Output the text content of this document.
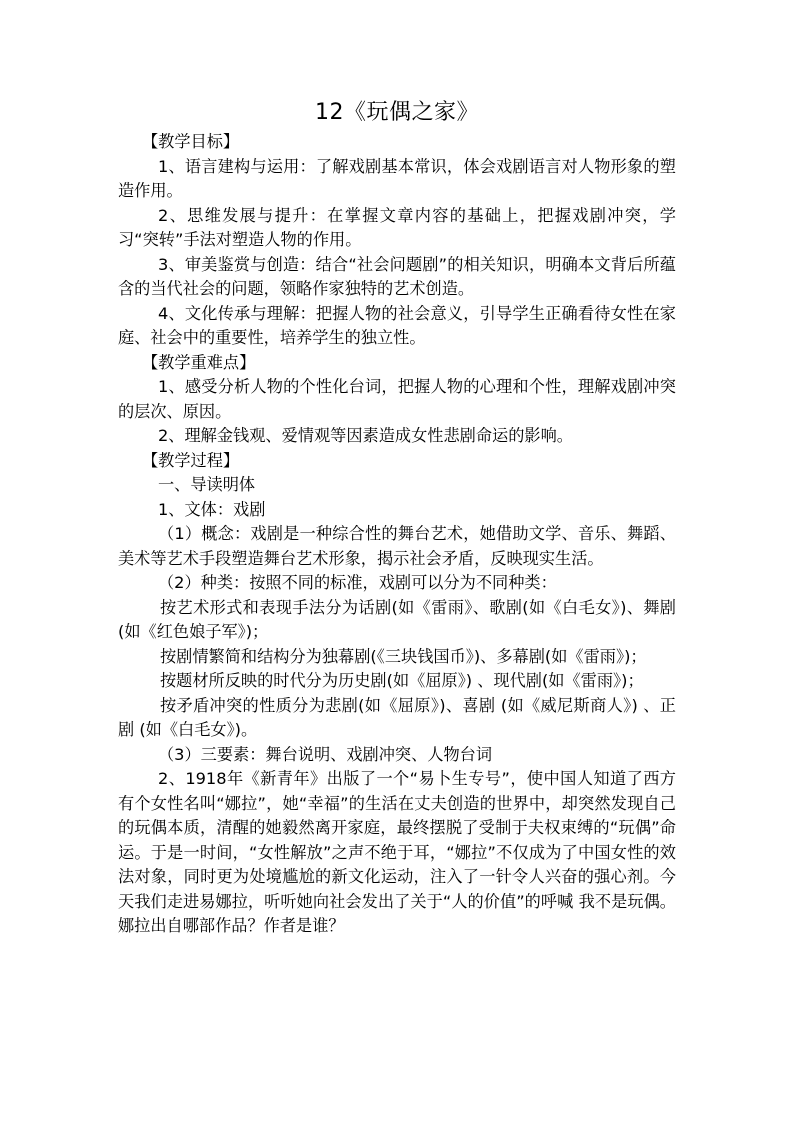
12《玩偶之家》

【教学目标】

1、语言建构与运用：了解戏剧基本常识，体会戏剧语言对人物形象的塑造作用。

2、思维发展与提升：在掌握文章内容的基础上，把握戏剧冲突，学习“突转”手法对塑造人物的作用。

3、审美鉴赏与创造：结合“社会问题剧”的相关知识，明确本文背后所蕴含的当代社会的问题，领略作家独特的艺术创造。

4、文化传承与理解：把握人物的社会意义，引导学生正确看待女性在家庭、社会中的重要性，培养学生的独立性。

【教学重难点】

1、感受分析人物的个性化台词，把握人物的心理和个性，理解戏剧冲突的层次、原因。

2、理解金钱观、爱情观等因素造成女性悲剧命运的影响。

【教学过程】

一、导读明体

1、文体：戏剧

（1）概念：戏剧是一种综合性的舞台艺术，她借助文学、音乐、舞蹈、美术等艺术手段塑造舞台艺术形象，揭示社会矛盾，反映现实生活。

（2）种类：按照不同的标准，戏剧可以分为不同种类：

按艺术形式和表现手法分为话剧(如《雷雨》、歌剧(如《白毛女》)、舞剧(如《红色娘子军》)；

按剧情繁简和结构分为独幕剧(《三块钱国币》)、多幕剧(如《雷雨》)；

按题材所反映的时代分为历史剧(如《屈原》) 、现代剧(如《雷雨》)；

按矛盾冲突的性质分为悲剧(如《屈原》)、喜剧 (如《威尼斯商人》) 、正剧 (如《白毛女》)。

（3）三要素：舞台说明、戏剧冲突、人物台词

2、1918年《新青年》出版了一个“易卜生专号”，使中国人知道了西方有个女性名叫“娜拉”，她“幸福”的生活在丈夫创造的世界中，却突然发现自己的玩偶本质，清醒的她毅然离开家庭，最终摆脱了受制于夫权束缚的“玩偶”命运。于是一时间，“女性解放”之声不绝于耳，“娜拉”不仅成为了中国女性的效法对象，同时更为处境尴尬的新文化运动，注入了一针令人兴奋的强心剂。今天我们走进易娜拉，听听她向社会发出了关于“人的价值”的呼喊 我不是玩偶。娜拉出自哪部作品？作者是谁？
